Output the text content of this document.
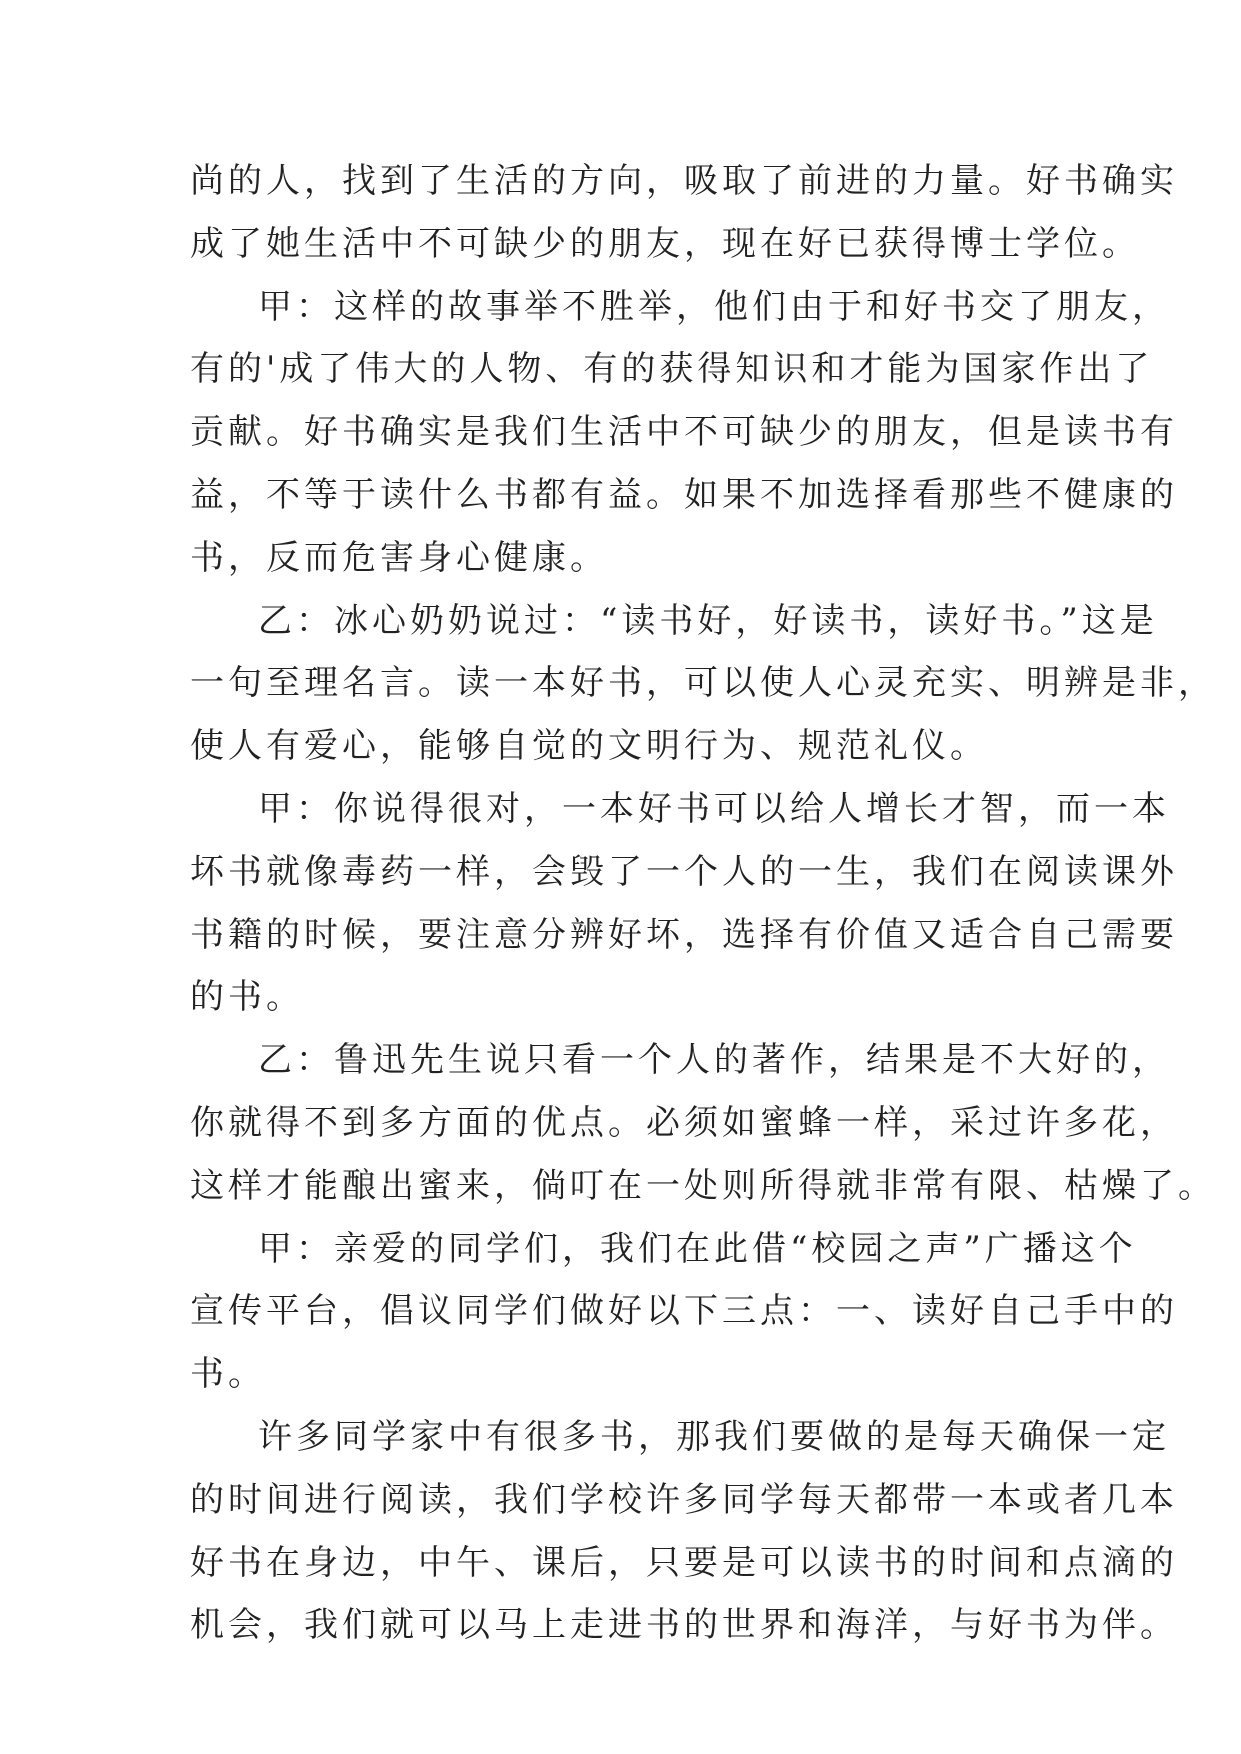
尚的人，找到了生活的方向，吸取了前进的力量。好书确实
成了她生活中不可缺少的朋友，现在好已获得博士学位。
甲：这样的故事举不胜举，他们由于和好书交了朋友，
有的'成了伟大的人物、有的获得知识和才能为国家作出了
贡献。好书确实是我们生活中不可缺少的朋友，但是读书有
益，不等于读什么书都有益。如果不加选择看那些不健康的
书，反而危害身心健康。
乙：冰心奶奶说过：“读书好，好读书，读好书。”这是
一句至理名言。读一本好书，可以使人心灵充实、明辨是非，
使人有爱心，能够自觉的文明行为、规范礼仪。
甲：你说得很对，一本好书可以给人增长才智，而一本
坏书就像毒药一样，会毁了一个人的一生，我们在阅读课外
书籍的时候，要注意分辨好坏，选择有价值又适合自己需要
的书。
乙：鲁迅先生说只看一个人的著作，结果是不大好的，
你就得不到多方面的优点。必须如蜜蜂一样，采过许多花，
这样才能酿出蜜来，倘叮在一处则所得就非常有限、枯燥了。
甲：亲爱的同学们，我们在此借“校园之声”广播这个
宣传平台，倡议同学们做好以下三点：一、读好自己手中的
书。
许多同学家中有很多书，那我们要做的是每天确保一定
的时间进行阅读，我们学校许多同学每天都带一本或者几本
好书在身边，中午、课后，只要是可以读书的时间和点滴的
机会，我们就可以马上走进书的世界和海洋，与好书为伴。
